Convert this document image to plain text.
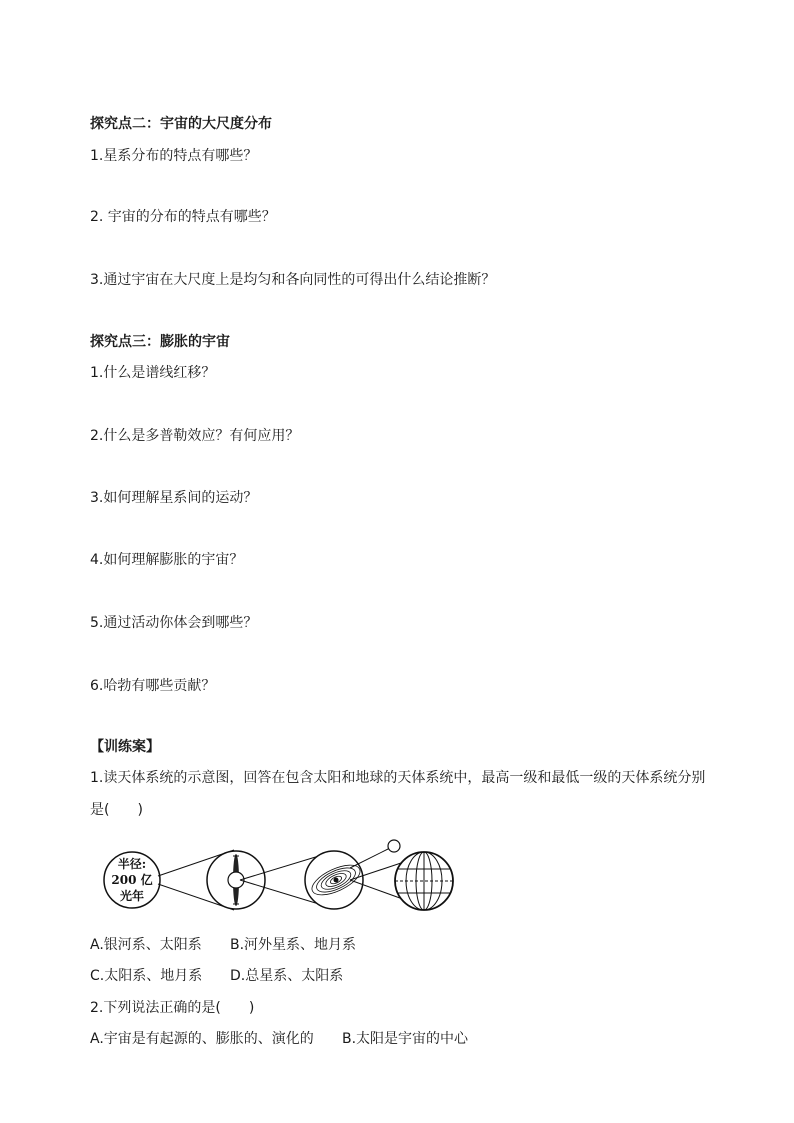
探究点二：宇宙的大尺度分布
1.星系分布的特点有哪些？
2. 宇宙的分布的特点有哪些？
3.通过宇宙在大尺度上是均匀和各向同性的可得出什么结论推断？
探究点三：膨胀的宇宙
1.什么是谱线红移？
2.什么是多普勒效应？有何应用？
3.如何理解星系间的运动？
4.如何理解膨胀的宇宙？
5.通过活动你体会到哪些？
6.哈勃有哪些贡献？
【训练案】
1.读天体系统的示意图，回答在包含太阳和地球的天体系统中，最高一级和最低一级的天体系统分别
是(　　)
半径:
200 亿
光年
A.银河系、太阳系 B.河外星系、地月系
C.太阳系、地月系 D.总星系、太阳系
2.下列说法正确的是(　　)
A.宇宙是有起源的、膨胀的、演化的 B.太阳是宇宙的中心
